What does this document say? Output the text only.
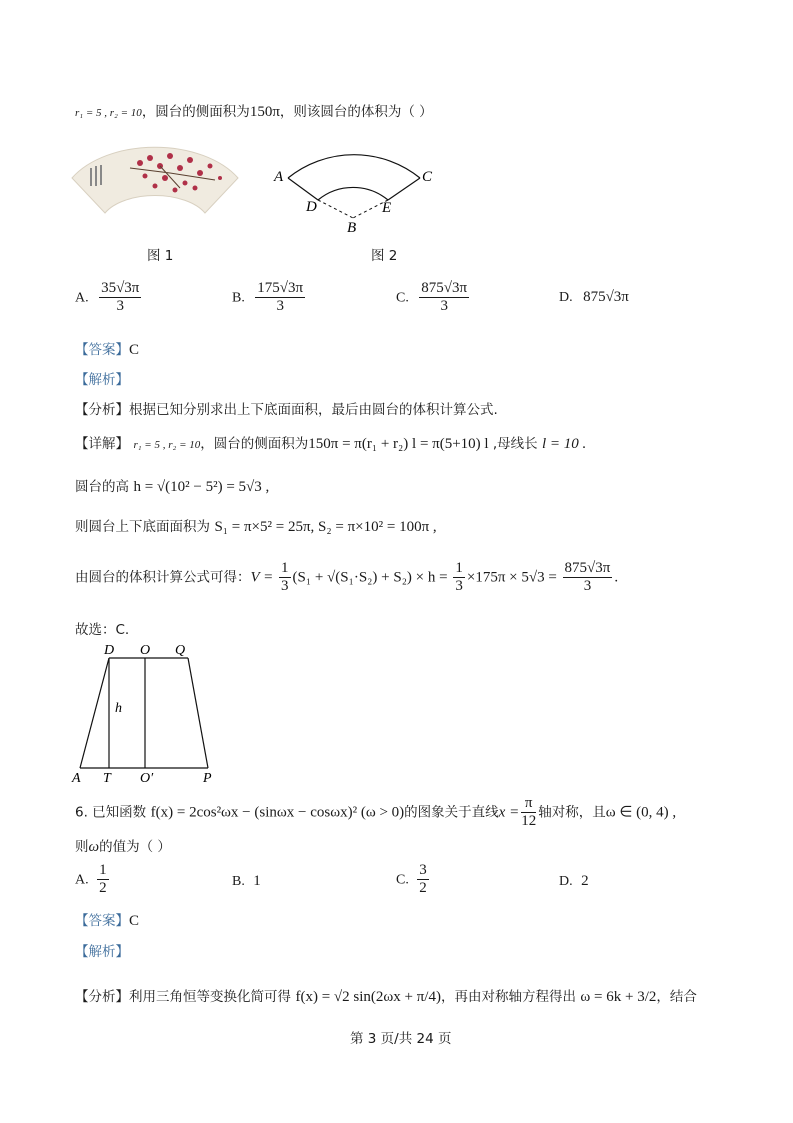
r₁ = 5 , r₂ = 10，圆台的侧面积为150π，则该圆台的体积为（ ）
图 1
A	C
D	E
B
图 2
A. $\frac{35√3\pi}{3}$	B. $\frac{175√3\pi}{3}$	C. $\frac{875√3\pi}{3}$	D. 875√3π
【答案】C
【解析】
【分析】根据已知分别求出上下底面面积，最后由圆台的体积计算公式.
【详解】 r₁ = 5 , r₂ = 10，圆台的侧面积为150π = π(r₁ + r₂) l = π(5+10) l ,母线长 l = 10 .
圆台的高 h = √(10² − 5²) = 5√3 ,
则圆台上下底面面积为 S₁ = π×5² = 25π, S₂ = π×10² = 100π ,
由圆台的体积计算公式可得：$V = \frac{1}{3} (S_1 + √(S_1\cdot S_2) + S_2) \times h = \frac{1}{3} \times 175\pi \times 5√3 = \frac{875√3\pi}{3}$ .
故选：C.
D O Q
h
A T O′	P
6. 已知函数 f(x) = 2cos²ωx − (sinωx − cosωx)² (ω > 0)的图象关于直线$x = \frac{\pi}{12}$ 轴对称，且ω ∈ (0, 4) ,
则ω的值为（ ）
A. $\frac{1}{2}$	B. 1	C. $\frac{3}{2}$	D. 2
【答案】C
【解析】
【分析】利用三角恒等变换化简可得 f(x) = √2 sin(2ωx + π/4)，再由对称轴方程得出 ω = 6k + 3/2，结合
第 3 页/共 24 页
